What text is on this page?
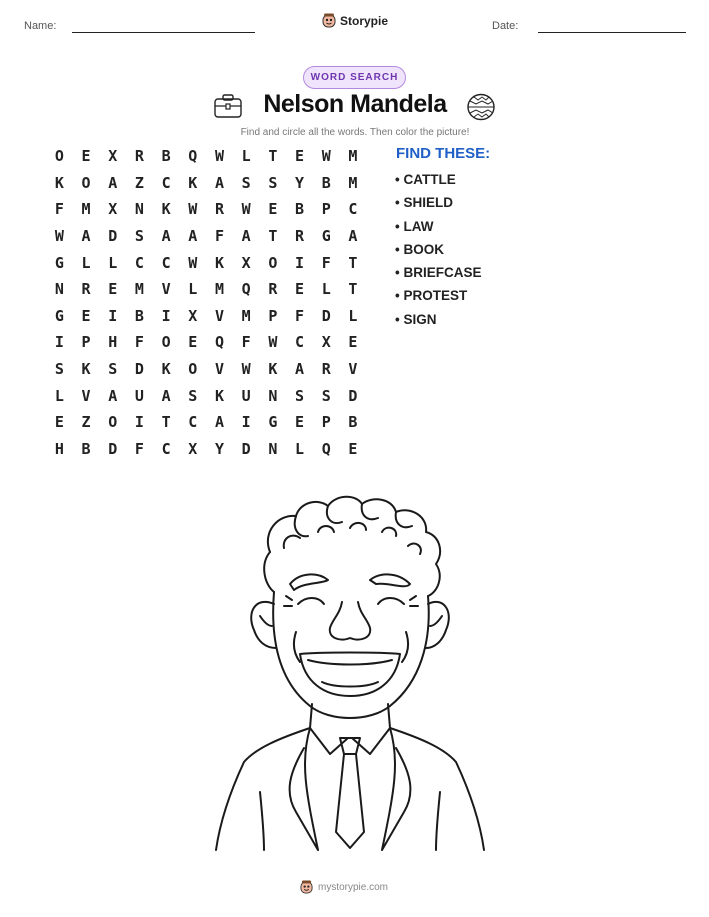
Name:	Storypie	Date:
WORD SEARCH
Nelson Mandela
Find and circle all the words. Then color the picture!
O	E	X	R	B	Q	W	L	T	E	W	M
K	O	A	Z	C	K	A	S	S	Y	B	M
F	M	X	N	K	W	R	W	E	B	P	C
W	A	D	S	A	A	F	A	T	R	G	A
G	L	L	C	C	W	K	X	O	I	F	T
N	R	E	M	V	L	M	Q	R	E	L	T
G	E	I	B	I	X	V	M	P	F	D	L
I	P	H	F	O	E	Q	F	W	C	X	E
S	K	S	D	K	O	V	W	K	A	R	V
L	V	A	U	A	S	K	U	N	S	S	D
E	Z	O	I	T	C	A	I	G	E	P	B
H	B	D	F	C	X	Y	D	N	L	Q	E
FIND THESE:
• CATTLE
• SHIELD
• LAW
• BOOK
• BRIEFCASE
• PROTEST
• SIGN
mystorypie.com
